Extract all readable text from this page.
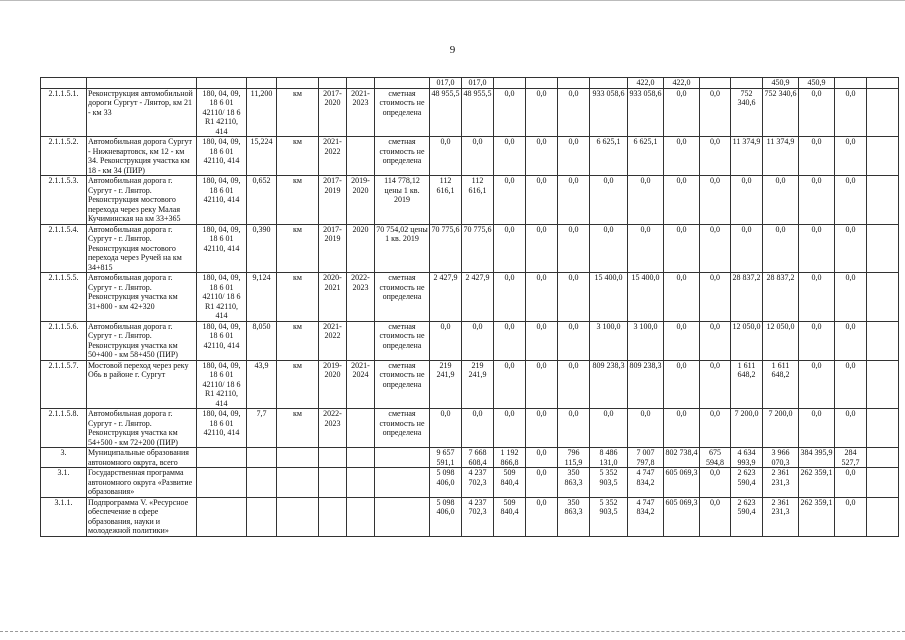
9
								017,0	017,0					422,0	422,0			450,9	450,9		
2.1.1.5.1.	Реконструкция автомобильной дороги Сургут - Лянтор, км 21 - км 33	180, 04, 09, 18 6 01 42110/ 18 6 R1 42110, 414	11,200	км	2017-2020	2021-2023	сметная стоимость не определена	48 955,5	48 955,5	0,0	0,0	0,0	933 058,6	933 058,6	0,0	0,0	752 340,6	752 340,6	0,0	0,0	
2.1.1.5.2.	Автомобильная дорога Сургут - Нижневартовск, км 12 - км 34. Реконструкция участка км 18 - км 34 (ПИР)	180, 04, 09, 18 6 01 42110, 414	15,224	км	2021-2022		сметная стоимость не определена	0,0	0,0	0,0	0,0	0,0	6 625,1	6 625,1	0,0	0,0	11 374,9	11 374,9	0,0	0,0	
2.1.1.5.3.	Автомобильная дорога г. Сургут - г. Лянтор. Реконструкция мостового перехода через реку Малая Кучиминская на км 33+365	180, 04, 09, 18 6 01 42110, 414	0,652	км	2017-2019	2019-2020	114 778,12 цены 1 кв. 2019	112 616,1	112 616,1	0,0	0,0	0,0	0,0	0,0	0,0	0,0	0,0	0,0	0,0	0,0	
2.1.1.5.4.	Автомобильная дорога г. Сургут - г. Лянтор. Реконструкция мостового перехода через Ручей на км 34+815	180, 04, 09, 18 6 01 42110, 414	0,390	км	2017-2019	2020	70 754,02 цены 1 кв. 2019	70 775,6	70 775,6	0,0	0,0	0,0	0,0	0,0	0,0	0,0	0,0	0,0	0,0	0,0	
2.1.1.5.5.	Автомобильная дорога г. Сургут - г. Лянтор. Реконструкция участка км 31+800 - км 42+320	180, 04, 09, 18 6 01 42110/ 18 6 R1 42110, 414	9,124	км	2020-2021	2022-2023	сметная стоимость не определена	2 427,9	2 427,9	0,0	0,0	0,0	15 400,0	15 400,0	0,0	0,0	28 837,2	28 837,2	0,0	0,0	
2.1.1.5.6.	Автомобильная дорога г. Сургут - г. Лянтор. Реконструкция участка км 50+400 - км 58+450 (ПИР)	180, 04, 09, 18 6 01 42110, 414	8,050	км	2021-2022		сметная стоимость не определена	0,0	0,0	0,0	0,0	0,0	3 100,0	3 100,0	0,0	0,0	12 050,0	12 050,0	0,0	0,0	
2.1.1.5.7.	Мостовой переход через реку Обь в районе г. Сургут	180, 04, 09, 18 6 01 42110/ 18 6 R1 42110, 414	43,9	км	2019-2020	2021-2024	сметная стоимость не определена	219 241,9	219 241,9	0,0	0,0	0,0	809 238,3	809 238,3	0,0	0,0	1 611 648,2	1 611 648,2	0,0	0,0	
2.1.1.5.8.	Автомобильная дорога г. Сургут - г. Лянтор. Реконструкция участка км 54+500 - км 72+200 (ПИР)	180, 04, 09, 18 6 01 42110, 414	7,7	км	2022-2023		сметная стоимость не определена	0,0	0,0	0,0	0,0	0,0	0,0	0,0	0,0	0,0	7 200,0	7 200,0	0,0	0,0	
3.	Муниципальные образования автономного округа, всего							9 657 591,1	7 668 608,4	1 192 866,8	0,0	796 115,9	8 486 131,0	7 007 797,8	802 738,4	675 594,8	4 634 993,9	3 966 070,3	384 395,9	284 527,7	
3.1.	Государственная программа автономного округа «Развитие образования»							5 098 406,0	4 237 702,3	509 840,4	0,0	350 863,3	5 352 903,5	4 747 834,2	605 069,3	0,0	2 623 590,4	2 361 231,3	262 359,1	0,0	
3.1.1.	Подпрограмма V. «Ресурсное обеспечение в сфере образования, науки и молодежной политики»							5 098 406,0	4 237 702,3	509 840,4	0,0	350 863,3	5 352 903,5	4 747 834,2	605 069,3	0,0	2 623 590,4	2 361 231,3	262 359,1	0,0	
